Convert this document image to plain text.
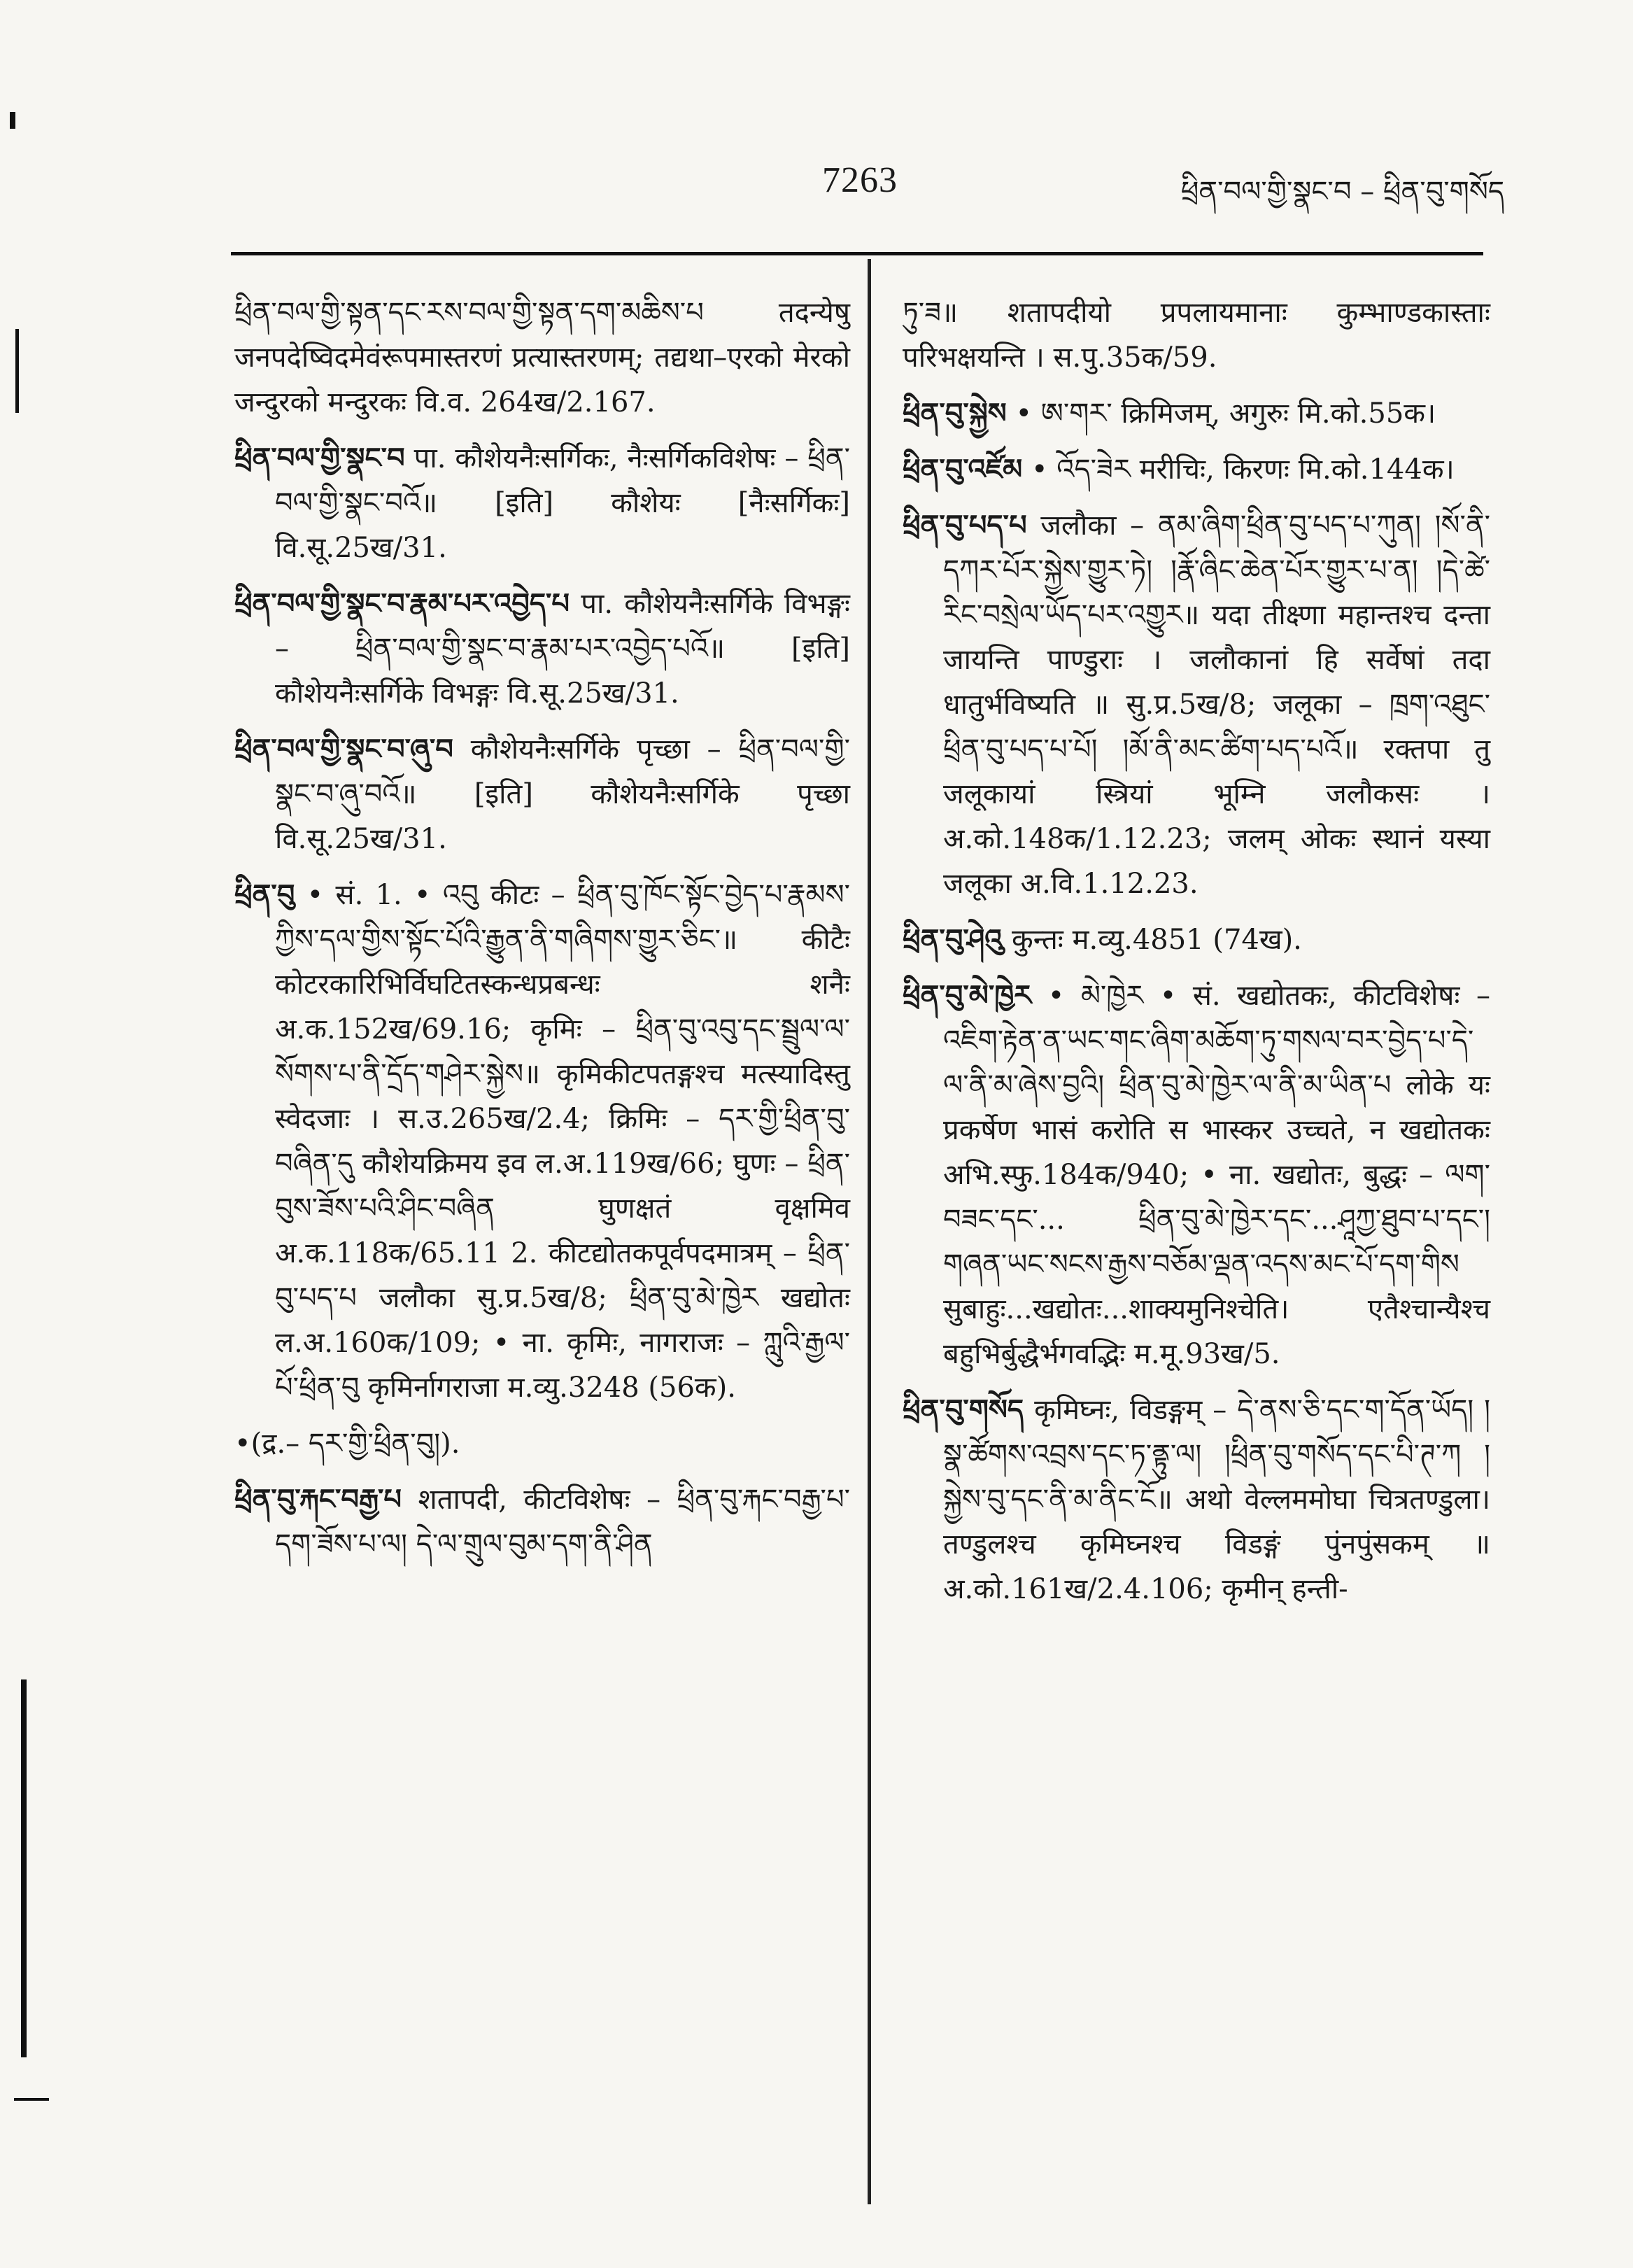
7263	ཕྲིན་བལ་གྱི་སྣང་བ – ཕྲིན་བུ་གསོད

ཕྲིན་བལ་གྱི་སྟན་དང་རས་བལ་གྱི་སྟན་དག་མཆིས་པ तदन्येषु जनपदेष्विदमेवंरूपमास्तरणं प्रत्यास्तरणम्; तद्यथा–एरको मेरको जन्दुरको मन्दुरकः वि.व. 264ख/2.167.

ཕྲིན་བལ་གྱི་སྣང་བ पा. कौशेयनैःसर्गिकः, नैःसर्गिकविशेषः – ཕྲིན་བལ་གྱི་སྣང་བའོ॥ [इति] कौशेयः [नैःसर्गिकः] वि.सू.25ख/31.

ཕྲིན་བལ་གྱི་སྣང་བ་རྣམ་པར་འབྱེད་པ पा. कौशेयनैःसर्गिके विभङ्गः – ཕྲིན་བལ་གྱི་སྣང་བ་རྣམ་པར་འབྱེད་པའོ॥ [इति] कौशेयनैःसर्गिके विभङ्गः वि.सू.25ख/31.

ཕྲིན་བལ་གྱི་སྣང་བ་ཞུ་བ कौशेयनैःसर्गिके पृच्छा – ཕྲིན་བལ་གྱི་སྣང་བ་ཞུ་བའོ॥ [इति] कौशेयनैःसर्गिके पृच्छा वि.सू.25ख/31.

ཕྲིན་བུ • सं. 1. • འབུ कीटः – ཕྲིན་བུ་ཁོང་སྟོང་བྱེད་པ་རྣམས་ཀྱིས་དལ་གྱིས་སྟོང་པོའི་རྒྱུན་ནི་གཞིགས་གྱུར་ཅིང་॥ कीटैः कोटरकारिभिर्विघटितस्कन्धप्रबन्धः शनैः अ.क.152ख/69.16; कृमिः – ཕྲིན་བུ་འབུ་དང་སྦྲུལ་ལ་སོགས་པ་ནི་དྲོད་གཤེར་སྐྱེས॥ कृमिकीटपतङ्गश्च मत्स्यादिस्तु स्वेदजाः । स.उ.265ख/2.4; क्रिमिः – དར་གྱི་ཕྲིན་བུ་བཞིན་དུ कौशेयक्रिमय इव ल.अ.119ख/66; घुणः – ཕྲིན་བུས་ཟོས་པའི་ཤིང་བཞིན घुणक्षतं वृक्षमिव अ.क.118क/65.11 2. कीटद्योतकपूर्वपदमात्रम् – ཕྲིན་བུ་པད་པ जलौका सु.प्र.5ख/8; ཕྲིན་བུ་མེ་ཁྱེར खद्योतः ल.अ.160क/109; • ना. कृमिः, नागराजः – ཀླུའི་རྒྱལ་པོ་ཕྲིན་བུ कृमिर्नागराजा म.व्यु.3248 (56क).

•(द्र.– དར་གྱི་ཕྲིན་བུ།).

ཕྲིན་བུ་རྐང་བརྒྱ་པ शतापदी, कीटविशेषः – ཕྲིན་བུ་རྐང་བརྒྱ་པ་དག་ཟོས་པ་ལ། དེ་ལ་གྲུལ་བུམ་དག་ནི་ཤིན

ཏུ་ཟ॥ शतापदीयो प्रपलायमानाः कुम्भाण्डकास्ताः परिभक्षयन्ति । स.पु.35क/59.

ཕྲིན་བུ་སྐྱེས • ཨ་གར་ क्रिमिजम्, अगुरुः मि.को.55क।

ཕྲིན་བུ་འཛོམ • འོད་ཟེར मरीचिः, किरणः मि.को.144क।

ཕྲིན་བུ་པད་པ जलौका – ནམ་ཞིག་ཕྲིན་བུ་པད་པ་ཀུན། །སོ་ནི་དཀར་པོར་སྐྱེས་གྱུར་ཏེ། །རྣོ་ཞིང་ཆེན་པོར་གྱུར་པ་ན། །དེ་ཚེ་རིང་བསྲེལ་ཡོད་པར་འགྱུར॥ यदा तीक्ष्णा महान्तश्च दन्ता जायन्ति पाण्डुराः । जलौकानां हि सर्वेषां तदा धातुर्भविष्यति ॥ सु.प्र.5ख/8; जलूका – ཁྲག་འཐུང་ཕྲིན་བུ་པད་པ་པོ། །མོ་ནི་མང་ཚིག་པད་པའོ॥ रक्तपा तु जलूकायां स्त्रियां भूम्नि जलौकसः । अ.को.148क/1.12.23; जलम् ओकः स्थानं यस्या जलूका अ.वि.1.12.23.

ཕྲིན་བུ་ཤེའུ कुन्तः म.व्यु.4851 (74ख).

ཕྲིན་བུ་མེ་ཁྱེར • མེ་ཁྱེར • सं. खद्योतकः, कीटविशेषः – འཇིག་རྟེན་ན་ཡང་གང་ཞིག་མཆོག་ཏུ་གསལ་བར་བྱེད་པ་དེ་ལ་ནི་མ་ཞེས་བྱའི། ཕྲིན་བུ་མེ་ཁྱེར་ལ་ནི་མ་ཡིན་པ लोके यः प्रकर्षेण भासं करोति स भास्कर उच्चते, न खद्योतकः अभि.स्फु.184क/940; • ना. खद्योतः, बुद्धः – ལག་བཟང་དང་... ཕྲིན་བུ་མེ་ཁྱེར་དང་...ཤཱཀྱ་ཐུབ་པ་དང་། གཞན་ཡང་སངས་རྒྱས་བཅོམ་ལྡན་འདས་མང་པོ་དག་གིས सुबाहुः...खद्योतः...शाक्यमुनिश्चेति। एतैश्चान्यैश्च बहुभिर्बुद्धैर्भगवद्भिः म.मू.93ख/5.

ཕྲིན་བུ་གསོད कृमिघ्नः, विडङ्गम् – དེ་ནས་ཅི་དང་ག་དོན་ཡོད། །སྣ་ཚོགས་འབྲས་དང་ཏ་ནྟུ་ལ། །ཕྲིན་བུ་གསོད་དང་པི་ཊ་ཀ །སྐྱེས་བུ་དང་ནི་མ་ནིང་ངོ॥ अथो वेल्लममोघा चित्रतण्डुला। तण्डुलश्च कृमिघ्नश्च विडङ्गं पुंनपुंसकम् ॥ अ.को.161ख/2.4.106; कृमीन् हन्ती-
